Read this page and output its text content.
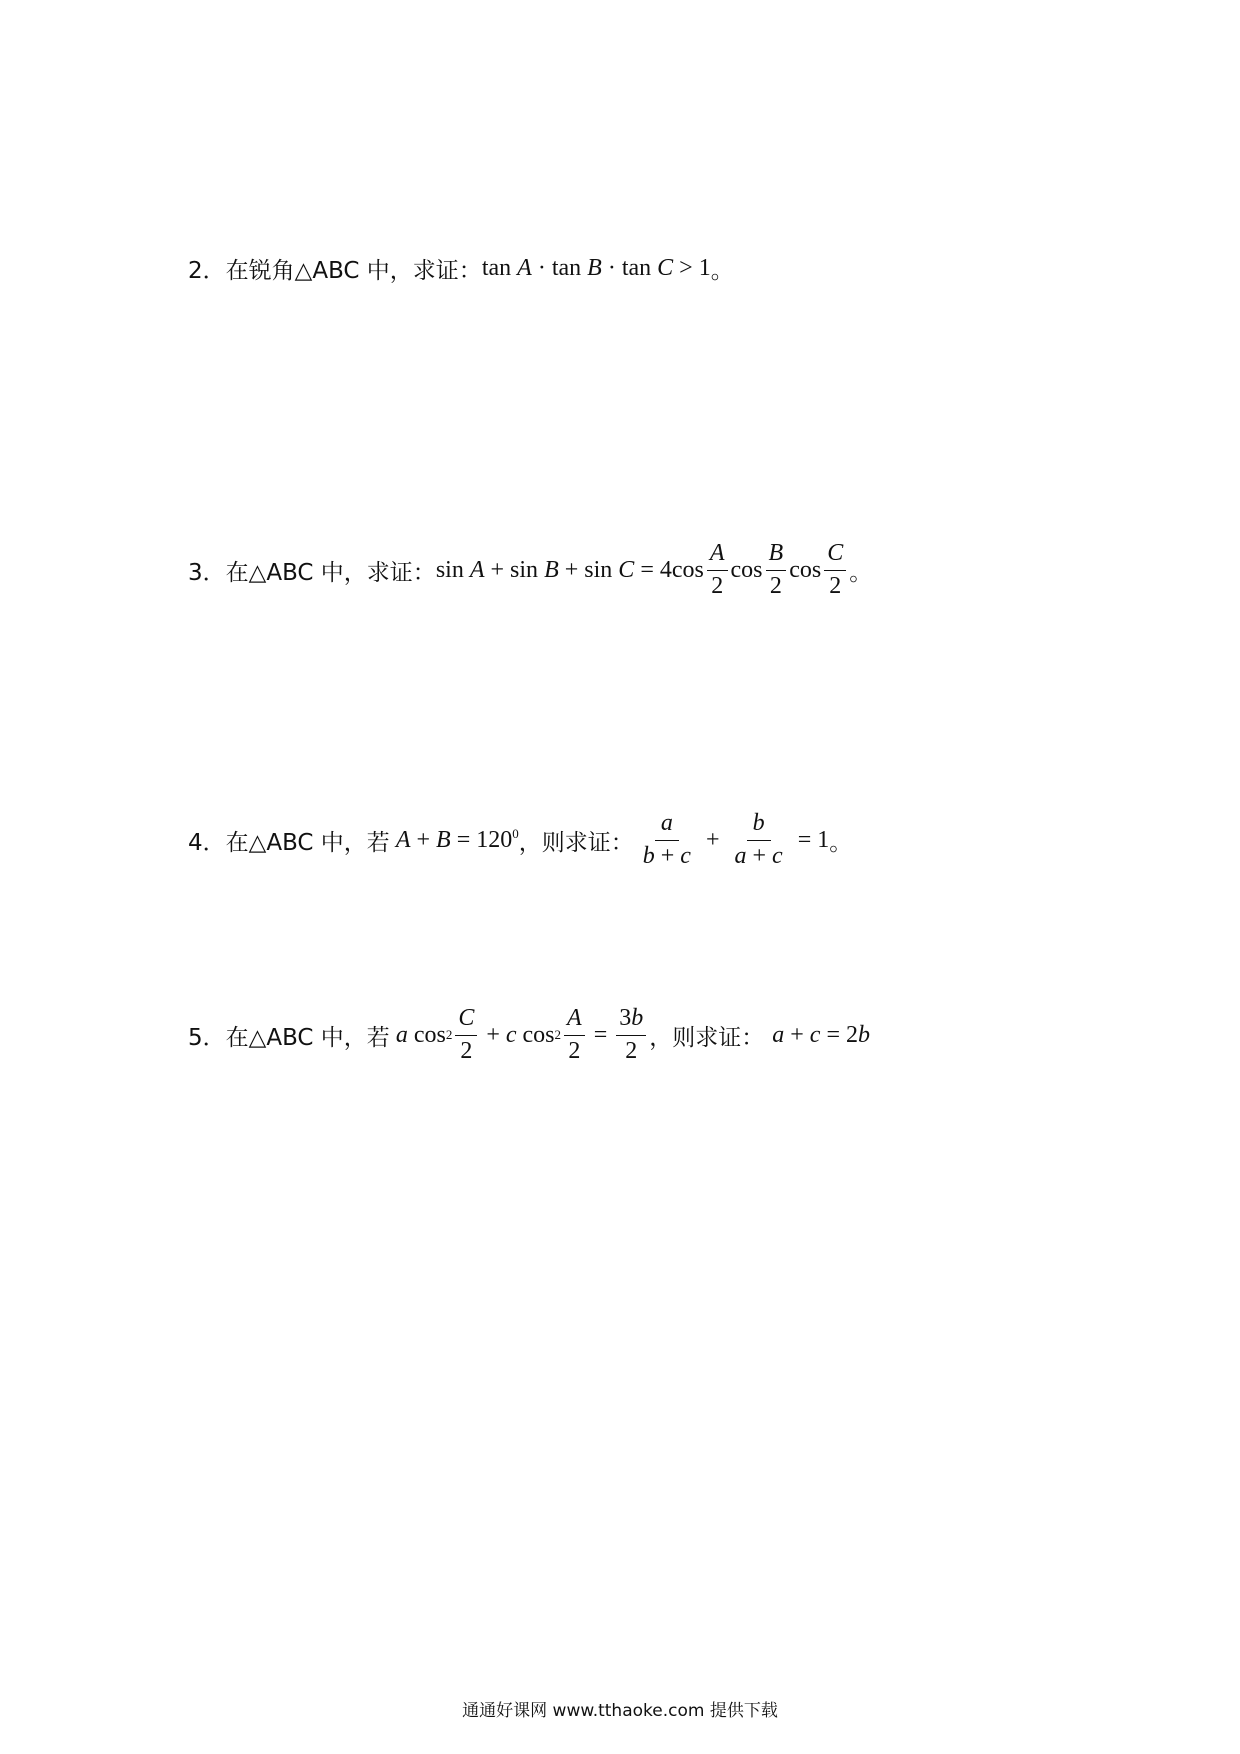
2． 在锐角△ABC 中，求证： tan A · tan B · tan C > 1 。
3． 在△ABC 中，求证： sin
A + sin
B + sin
C = 4 $\cos \frac{A}{2}$ $\cos \frac{B}{2}$ $\cos \frac{C}{2}$ 。
4． 在△ABC 中，若 $A + B = 120^0$ ，则求证： $\frac{a}{b + c} + \frac{b}{a + c} = 1$ 。
5． 在△ABC 中，若 a
$\cos 2 \frac{C}{2} + c$
$\cos 2 \frac{A}{2} = \frac{3b}{2}$ ，则求证： a + c = 2b
通通好课网 www.tthaoke.com 提供下载
